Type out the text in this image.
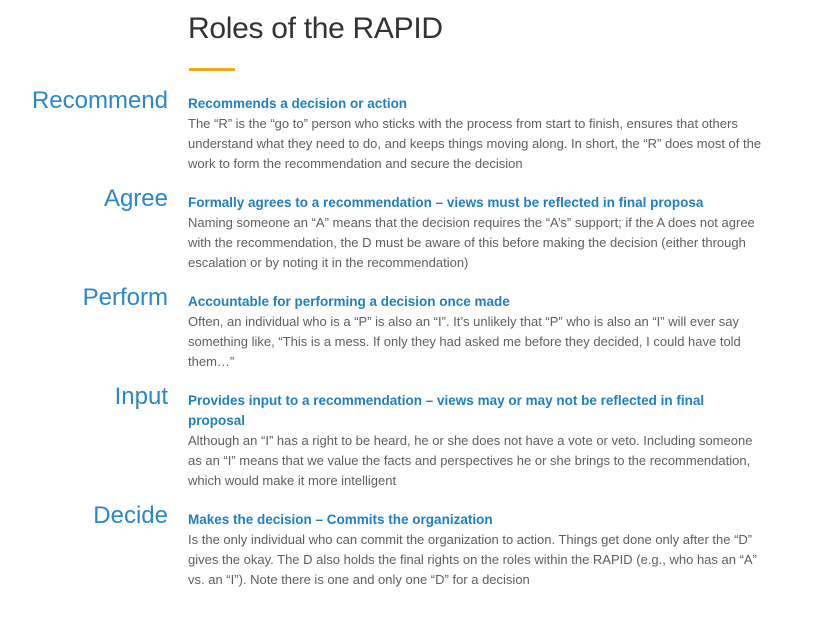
Roles of the RAPID
Recommend Recommends a decision or action
The “R” is the “go to” person who sticks with the process from start to finish, ensures that others understand what they need to do, and keeps things moving along. In short, the “R” does most of the work to form the recommendation and secure the decision
Agree Formally agrees to a recommendation – views must be reflected in final proposa
Naming someone an “A” means that the decision requires the “A’s” support; if the A does not agree with the recommendation, the D must be aware of this before making the decision (either through escalation or by noting it in the recommendation)
Perform Accountable for performing a decision once made
Often, an individual who is a “P” is also an “I”. It’s unlikely that “P” who is also an “I” will ever say something like, “This is a mess. If only they had asked me before they decided, I could have told them…”
Input Provides input to a recommendation – views may or may not be reflected in final proposal
Although an “I” has a right to be heard, he or she does not have a vote or veto. Including someone as an “I” means that we value the facts and perspectives he or she brings to the recommendation, which would make it more intelligent
Decide Makes the decision – Commits the organization
Is the only individual who can commit the organization to action. Things get done only after the “D” gives the okay. The D also holds the final rights on the roles within the RAPID (e.g., who has an “A” vs. an “I”). Note there is one and only one “D” for a decision
